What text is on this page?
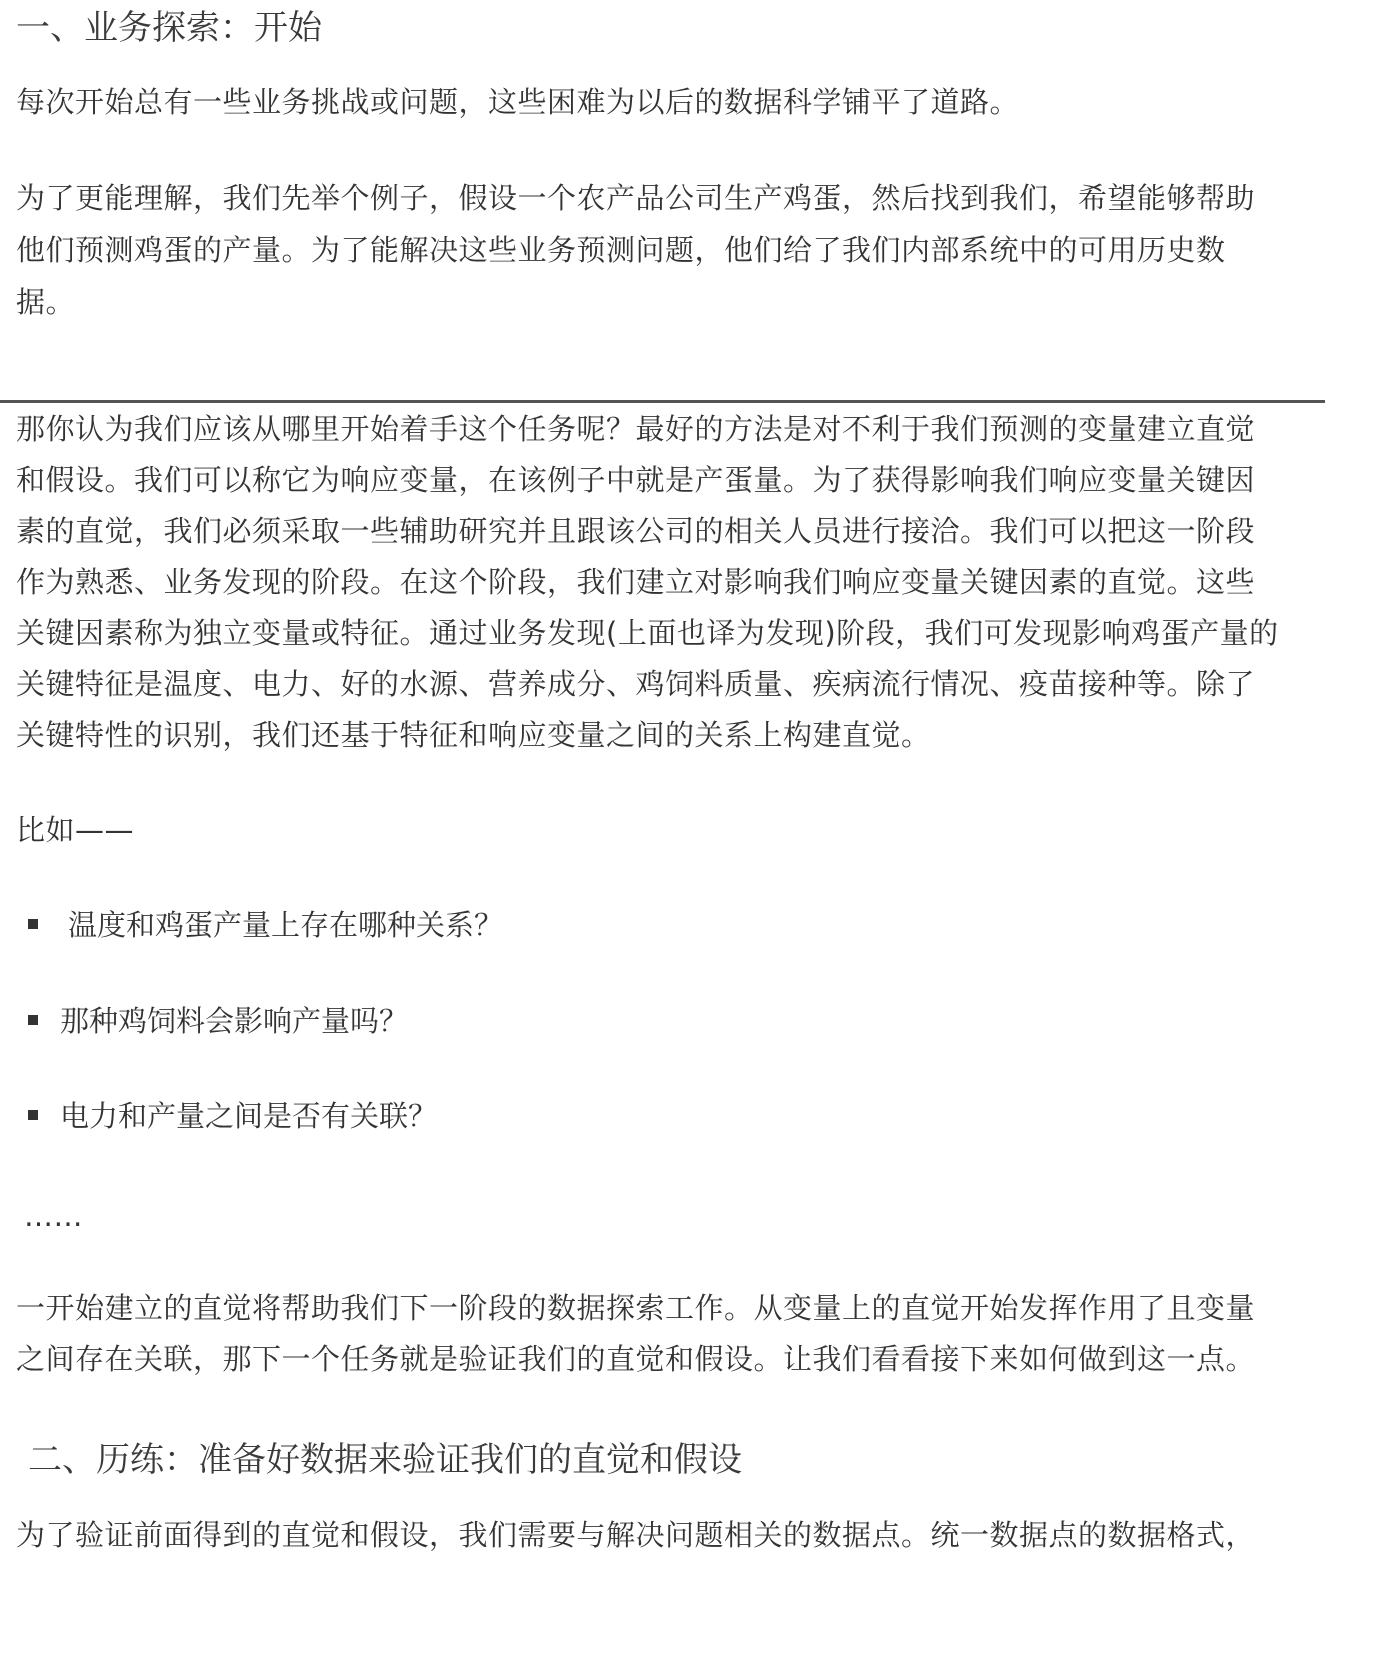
一、业务探索：开始

每次开始总有一些业务挑战或问题，这些困难为以后的数据科学铺平了道路。

为了更能理解，我们先举个例子，假设一个农产品公司生产鸡蛋，然后找到我们，希望能够帮助

他们预测鸡蛋的产量。为了能解决这些业务预测问题，他们给了我们内部系统中的可用历史数

据。

那你认为我们应该从哪里开始着手这个任务呢？最好的方法是对不利于我们预测的变量建立直觉

和假设。我们可以称它为响应变量，在该例子中就是产蛋量。为了获得影响我们响应变量关键因

素的直觉，我们必须采取一些辅助研究并且跟该公司的相关人员进行接洽。我们可以把这一阶段

作为熟悉、业务发现的阶段。在这个阶段，我们建立对影响我们响应变量关键因素的直觉。这些

关键因素称为独立变量或特征。通过业务发现(上面也译为发现)阶段，我们可发现影响鸡蛋产量的

关键特征是温度、电力、好的水源、营养成分、鸡饲料质量、疾病流行情况、疫苗接种等。除了

关键特性的识别，我们还基于特征和响应变量之间的关系上构建直觉。

比如——

温度和鸡蛋产量上存在哪种关系？
那种鸡饲料会影响产量吗？
电力和产量之间是否有关联？

……

一开始建立的直觉将帮助我们下一阶段的数据探索工作。从变量上的直觉开始发挥作用了且变量

之间存在关联，那下一个任务就是验证我们的直觉和假设。让我们看看接下来如何做到这一点。

二、历练：准备好数据来验证我们的直觉和假设

为了验证前面得到的直觉和假设，我们需要与解决问题相关的数据点。统一数据点的数据格式，
